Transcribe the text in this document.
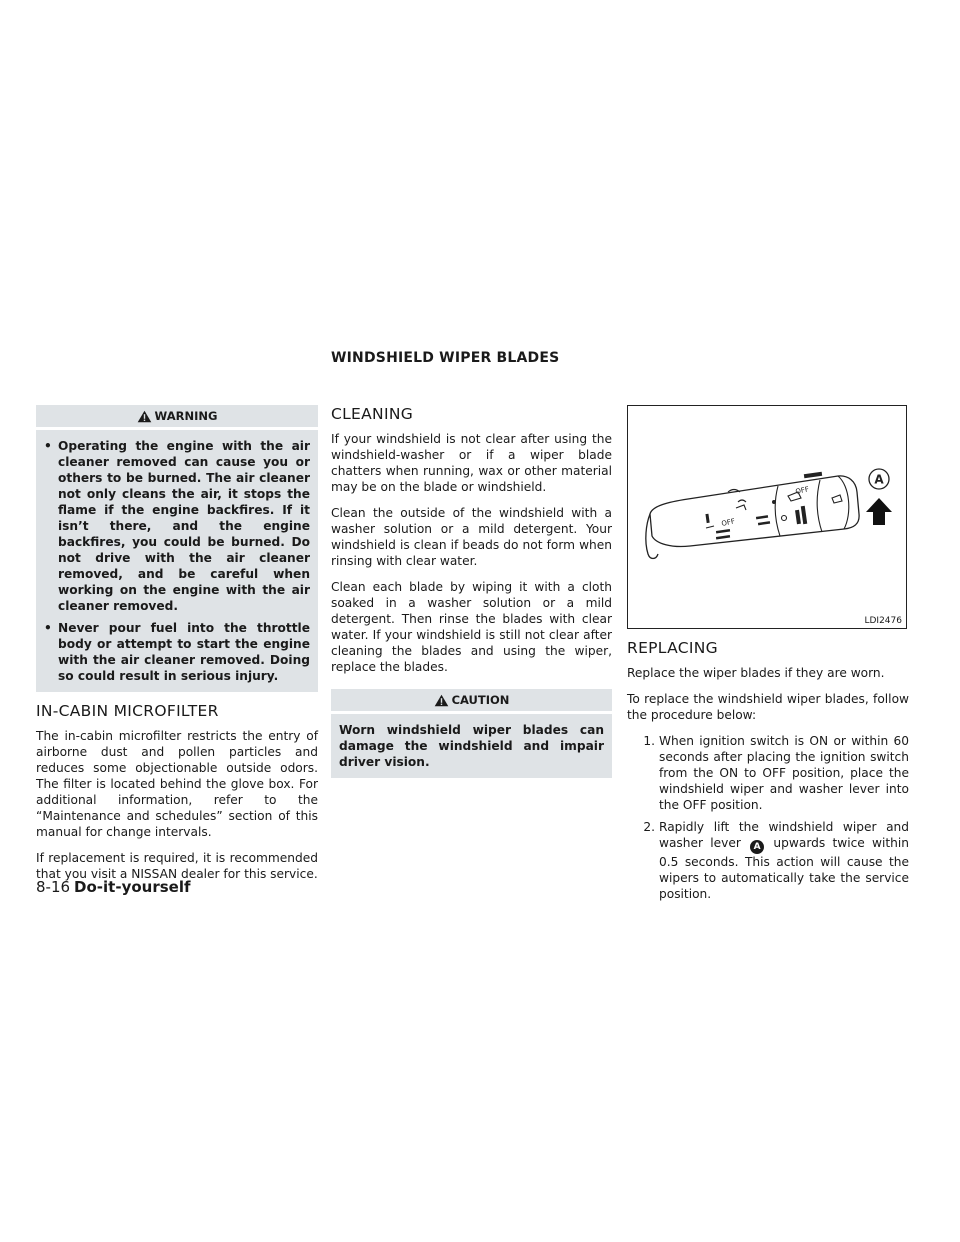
WINDSHIELD WIPER BLADES
WARNING
• Operating the engine with the air cleaner removed can cause you or others to be burned. The air cleaner not only cleans the air, it stops the flame if the engine backfires. If it isn’t there, and the engine backfires, you could be burned. Do not drive with the air cleaner removed, and be careful when working on the engine with the air cleaner removed.
• Never pour fuel into the throttle body or attempt to start the engine with the air cleaner removed. Doing so could result in serious injury.
IN-CABIN MICROFILTER

The in-cabin microfilter restricts the entry of airborne dust and pollen particles and reduces some objectionable outside odors. The filter is located behind the glove box. For additional information, refer to the “Maintenance and schedules” section of this manual for change intervals.

If replacement is required, it is recommended that you visit a NISSAN dealer for this service.

CLEANING

If your windshield is not clear after using the windshield-washer or if a wiper blade chatters when running, wax or other material may be on the blade or windshield.

Clean the outside of the windshield with a washer solution or a mild detergent. Your windshield is clean if beads do not form when rinsing with clear water.

Clean each blade by wiping it with a cloth soaked in a washer solution or a mild detergent. Then rinse the blades with clear water. If your windshield is still not clear after cleaning the blades and using the wiper, replace the blades.

CAUTION

Worn windshield wiper blades can damage the windshield and impair driver vision.

OFF
OFF
A
LDI2476
REPLACING

Replace the wiper blades if they are worn.

To replace the windshield wiper blades, follow the procedure below:

1. When ignition switch is ON or within 60 seconds after placing the ignition switch from the ON to OFF position, place the windshield wiper and washer lever into the OFF position.
2. Rapidly lift the windshield wiper and washer lever A upwards twice within 0.5 seconds. This action will cause the wipers to automatically take the service position.
8-16 Do-it-yourself
